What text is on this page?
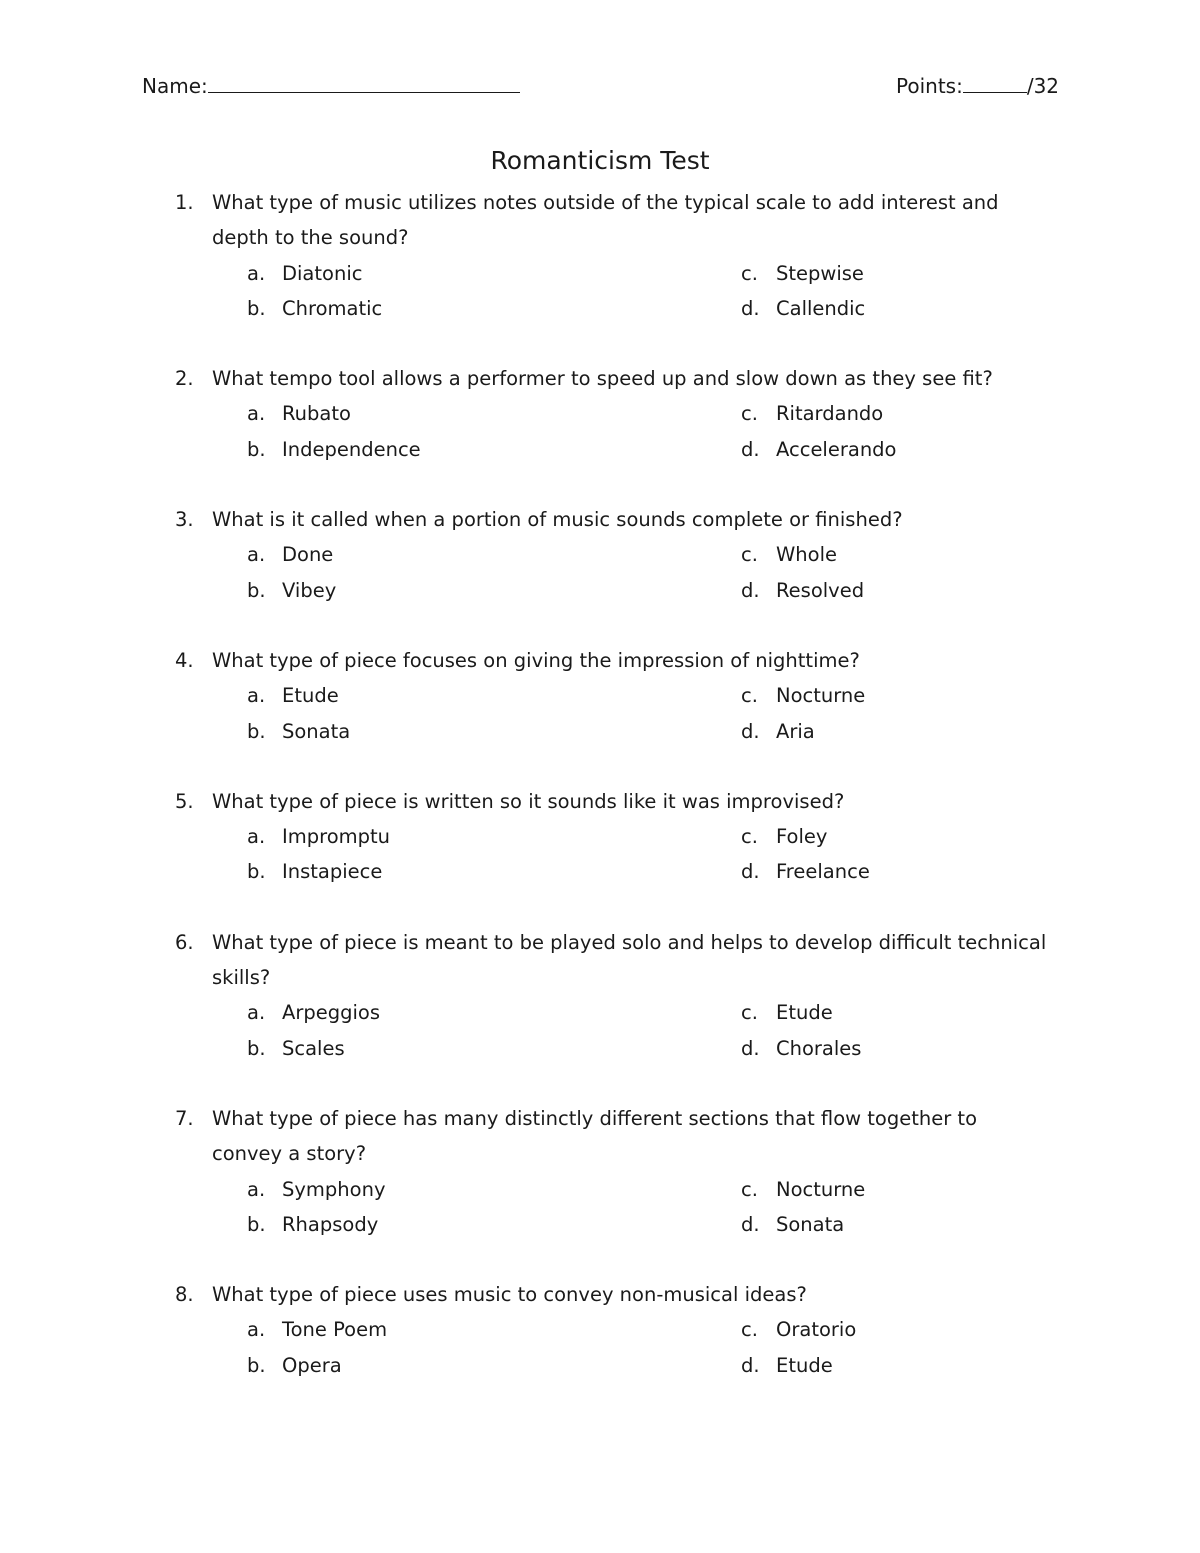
Name:	Points:	/32
Romanticism Test
1. What type of music utilizes notes outside of the typical scale to add interest and depth to the sound?
a. Diatonic
b. Chromatic
c. Stepwise
d. Callendic
2. What tempo tool allows a performer to speed up and slow down as they see fit?
a. Rubato
b. Independence
c. Ritardando
d. Accelerando
3. What is it called when a portion of music sounds complete or finished?
a. Done
b. Vibey
c. Whole
d. Resolved
4. What type of piece focuses on giving the impression of nighttime?
a. Etude
b. Sonata
c. Nocturne
d. Aria
5. What type of piece is written so it sounds like it was improvised?
a. Impromptu
b. Instapiece
c. Foley
d. Freelance
6. What type of piece is meant to be played solo and helps to develop difficult technical skills?
a. Arpeggios
b. Scales
c. Etude
d. Chorales
7. What type of piece has many distinctly different sections that flow together to convey a story?
a. Symphony
b. Rhapsody
c. Nocturne
d. Sonata
8. What type of piece uses music to convey non-musical ideas?
a. Tone Poem
b. Opera
c. Oratorio
d. Etude
